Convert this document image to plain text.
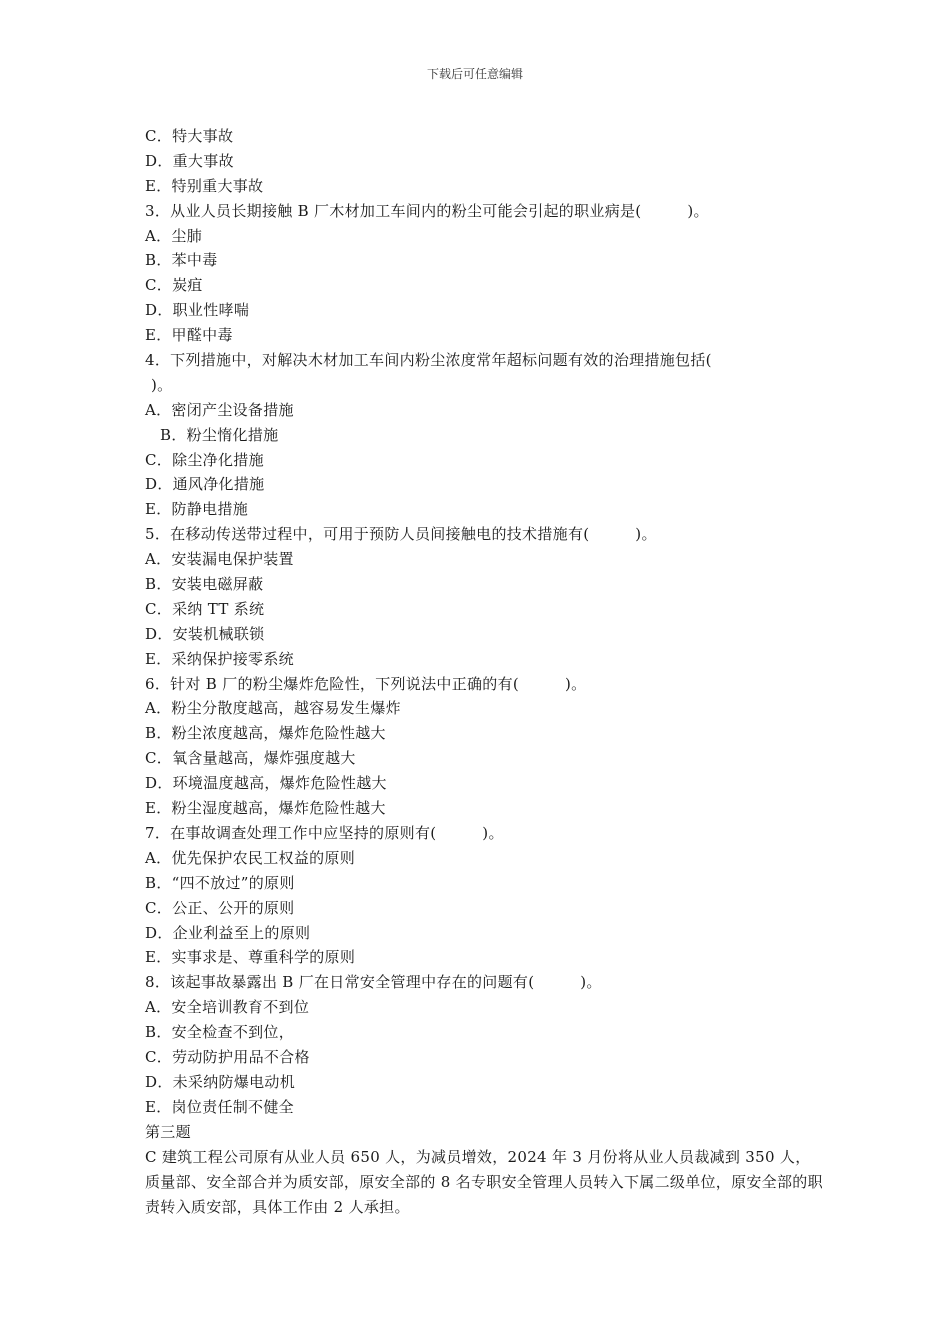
下载后可任意编辑
C．特大事故
D．重大事故
E．特别重大事故
3．从业人员长期接触 B 厂木材加工车间内的粉尘可能会引起的职业病是(　　　)。
A．尘肺
B．苯中毒
C．炭疽
D．职业性哮喘
E．甲醛中毒
4．下列措施中，对解决木材加工车间内粉尘浓度常年超标问题有效的治理措施包括(
)。
A．密闭产尘设备措施
B．粉尘惰化措施
C．除尘净化措施
D．通风净化措施
E．防静电措施
5．在移动传送带过程中，可用于预防人员间接触电的技术措施有(　　　)。
A．安装漏电保护装置
B．安装电磁屏蔽
C．采纳 TT 系统
D．安装机械联锁
E．采纳保护接零系统
6．针对 B 厂的粉尘爆炸危险性，下列说法中正确的有(　　　)。
A．粉尘分散度越高，越容易发生爆炸
B．粉尘浓度越高，爆炸危险性越大
C．氧含量越高，爆炸强度越大
D．环境温度越高，爆炸危险性越大
E．粉尘湿度越高，爆炸危险性越大
7．在事故调查处理工作中应坚持的原则有(　　　)。
A．优先保护农民工权益的原则
B．“四不放过”的原则
C．公正、公开的原则
D．企业利益至上的原则
E．实事求是、尊重科学的原则
8．该起事故暴露出 B 厂在日常安全管理中存在的问题有(　　　)。
A．安全培训教育不到位
B．安全检查不到位，
C．劳动防护用品不合格
D．未采纳防爆电动机
E．岗位责任制不健全
第三题
C 建筑工程公司原有从业人员 650 人，为减员增效，2024 年 3 月份将从业人员裁减到 350 人，质量部、安全部合并为质安部，原安全部的 8 名专职安全管理人员转入下属二级单位，原安全部的职责转入质安部，具体工作由 2 人承担。
